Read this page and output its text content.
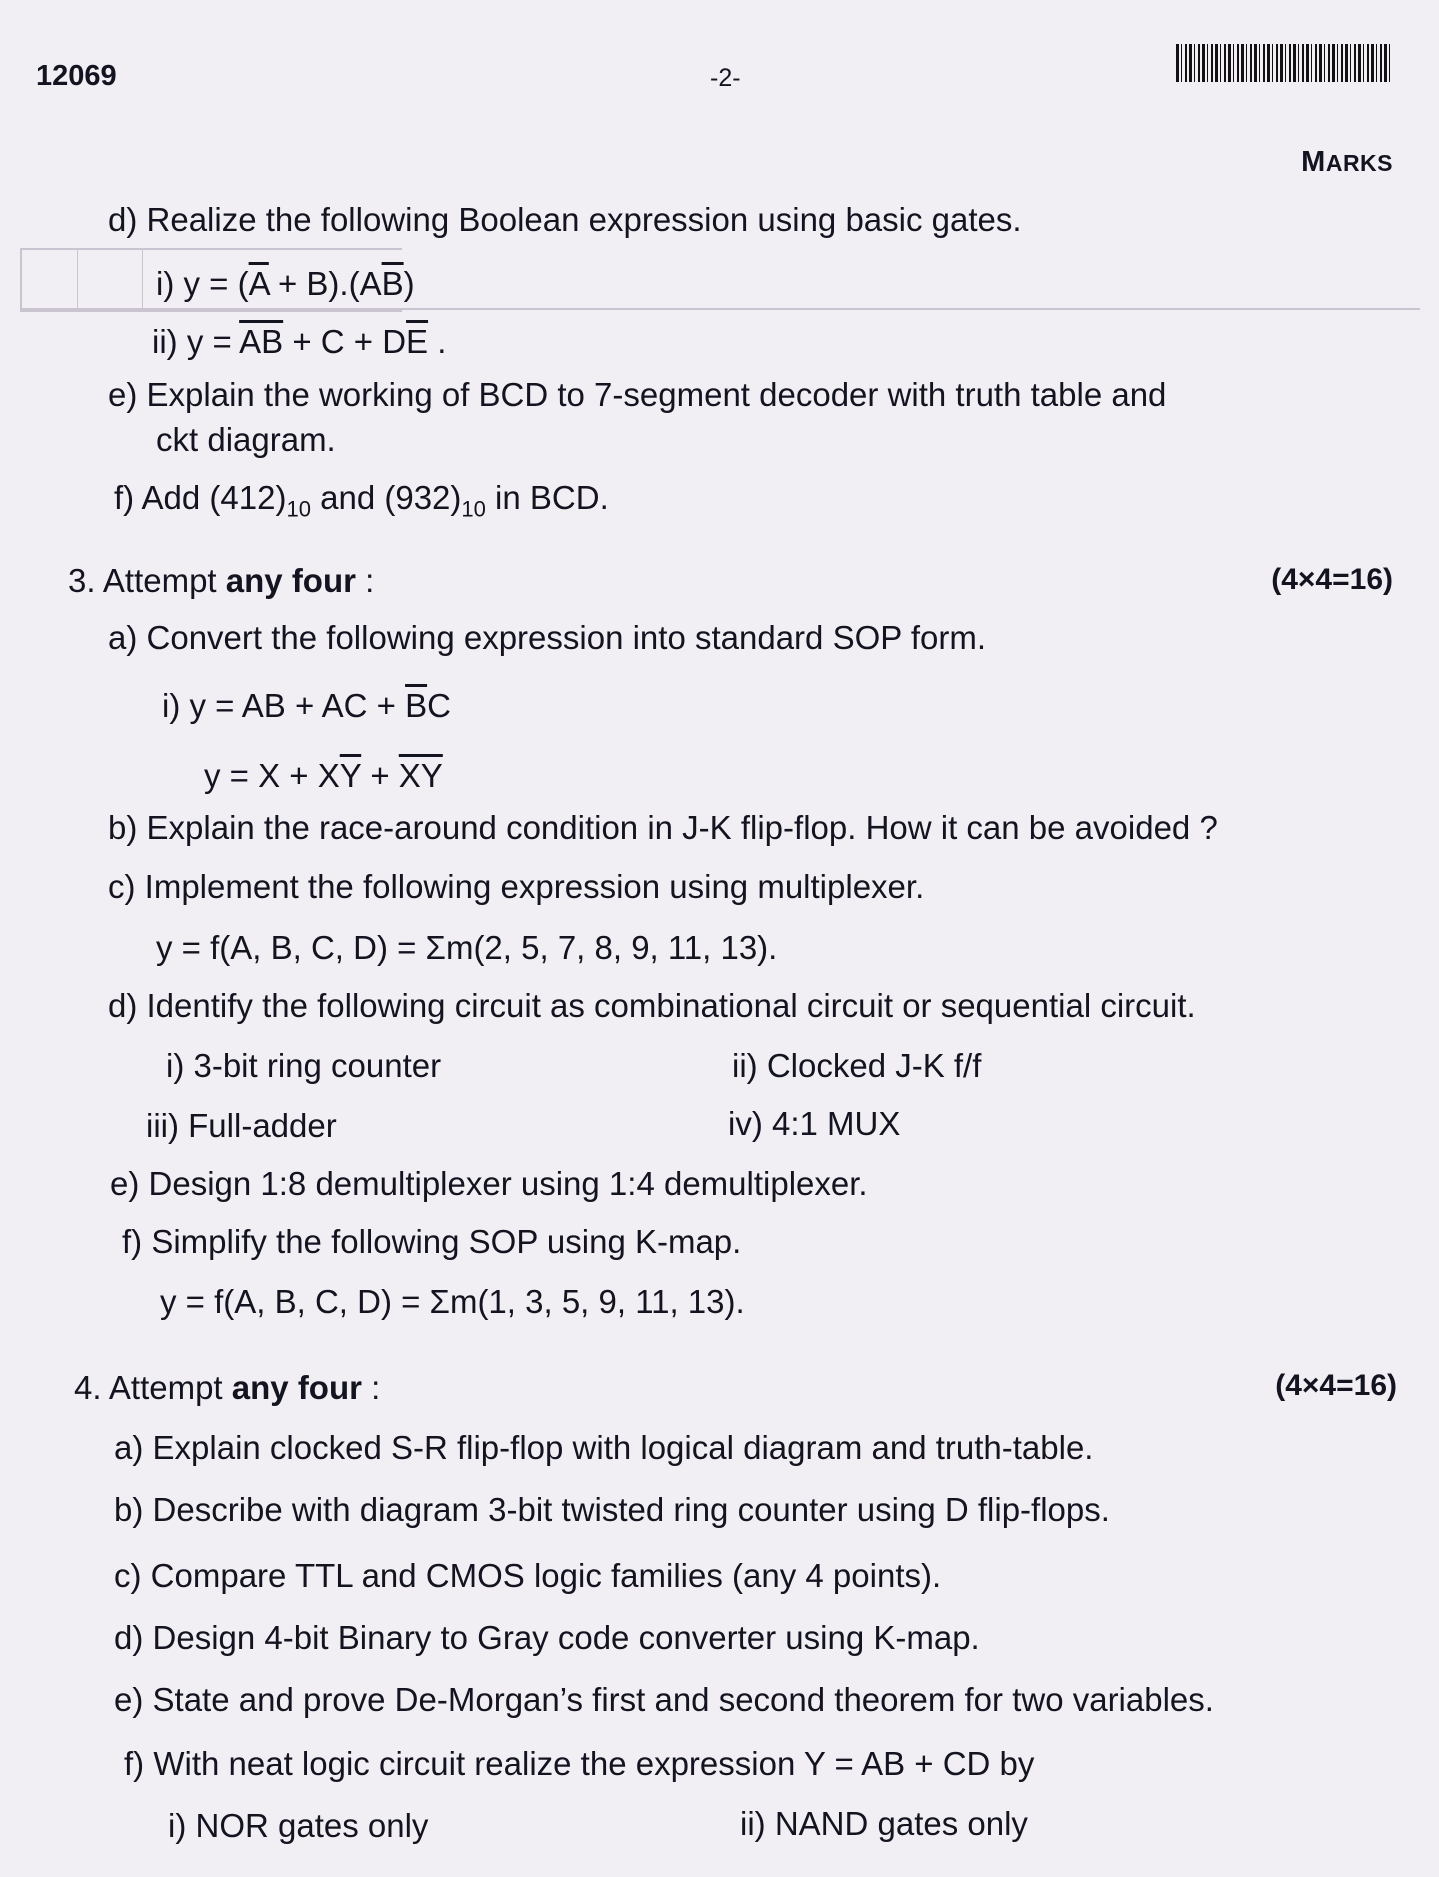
12069	-2-
MARKS
d) Realize the following Boolean expression using basic gates.
i) $y = (\overline{A} + B).(A\overline{B})$
ii) $y = \overline{AB} + C + D\overline{E}$ .
e) Explain the working of BCD to 7-segment decoder with truth table and
ckt diagram.
f) Add $(412)_{10}$ and $(932)_{10}$ in BCD.
3. Attempt any four :	(4×4=16)
a) Convert the following expression into standard SOP form.
i) y = AB + AC + $\overline{B}C$
$y = X + X\overline{Y} + \overline{XY}$
b) Explain the race-around condition in J-K flip-flop. How it can be avoided ?
c) Implement the following expression using multiplexer.
y = f(A, B, C, D) = Σm(2, 5, 7, 8, 9, 11, 13).
d) Identify the following circuit as combinational circuit or sequential circuit.
i) 3-bit ring counter	ii) Clocked J-K f/f
iii) Full-adder	iv) 4:1 MUX
e) Design 1:8 demultiplexer using 1:4 demultiplexer.
f) Simplify the following SOP using K-map.
y = f(A, B, C, D) = Σm(1, 3, 5, 9, 11, 13).
4. Attempt any four :	(4×4=16)
a) Explain clocked S-R flip-flop with logical diagram and truth-table.
b) Describe with diagram 3-bit twisted ring counter using D flip-flops.
c) Compare TTL and CMOS logic families (any 4 points).
d) Design 4-bit Binary to Gray code converter using K-map.
e) State and prove De-Morgan’s first and second theorem for two variables.
f) With neat logic circuit realize the expression Y = AB + CD by
i) NOR gates only	ii) NAND gates only
